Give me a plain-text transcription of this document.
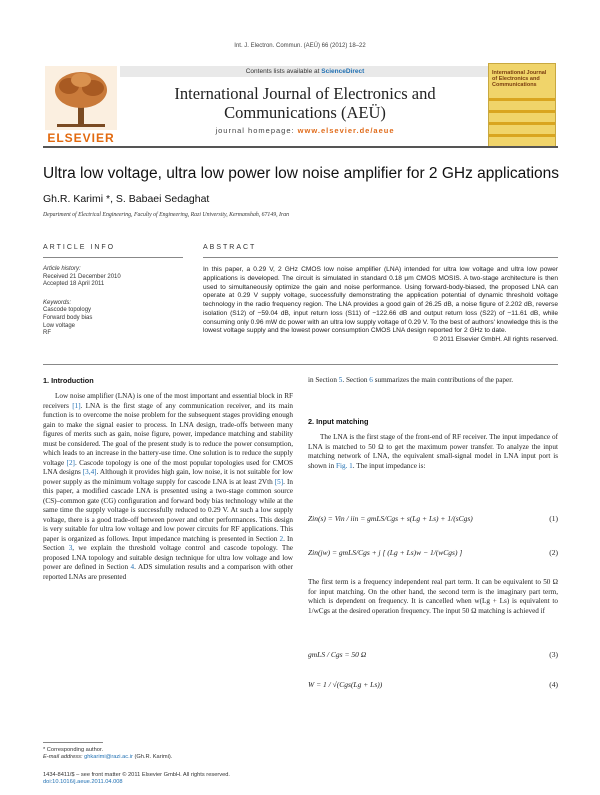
Int. J. Electron. Commun. (AEÜ) 66 (2012) 18–22
Contents lists available at ScienceDirect
ELSEVIER
International Journal of Electronics and Communications (AEÜ)
journal homepage: www.elsevier.de/aeue
International Journal of Electronics and Communications
Ultra low voltage, ultra low power low noise amplifier for 2 GHz applications
Gh.R. Karimi *, S. Babaei Sedaghat
Department of Electrical Engineering, Faculty of Engineering, Razi University, Kermanshah, 67149, Iran
ARTICLE INFO	ABSTRACT
Article history:
Received 21 December 2010
Accepted 18 April 2011
Keywords:
Cascode topology
Forward body bias
Low voltage
RF

In this paper, a 0.29 V, 2 GHz CMOS low noise amplifier (LNA) intended for ultra low voltage and ultra low power applications is developed. The circuit is simulated in standard 0.18 μm CMOS MOSIS. A two-stage architecture is then used to simultaneously optimize the gain and noise performance. Using forward-body-biased, the proposed LNA can operate at 0.29 V supply voltage, successfully demonstrating the application potential of dynamic threshold voltage technology in the radio frequency region. The LNA provides a good gain of 26.25 dB, a noise figure of 2.202 dB, reverse isolation (S12) of −59.04 dB, input return loss (S11) of −122.66 dB and output return loss (S22) of −11.61 dB, while consuming only 0.96 mW dc power with an ultra low supply voltage of 0.29 V. To the best of authors' knowledge this is the lowest voltage supply and the lowest power consumption CMOS LNA design reported for 2 GHz to date.

© 2011 Elsevier GmbH. All rights reserved.
1. Introduction

Low noise amplifier (LNA) is one of the most important and essential block in RF receivers [1]. LNA is the first stage of any communication receiver, and its main function is to overcome the noise problem for the subsequent stages providing enough gain to make the signal easier to process. In LNA design, trade-offs between many figures of merits such as gain, noise figure, power, impedance matching and stability must be considered. The goal of the present study is to reduce the power consumption, which leads to an increase in the battery-use time. One solution is to reduce the supply voltage [2]. Cascode topology is one of the most popular topologies used for CMOS LNA designs [3,4]. Although it provides high gain, low noise, it is not suitable for low power supply as the minimum voltage supply for cascode LNA is at least 2Vth [5]. In this paper, a modified cascade LNA is presented using a two-stage common source (CS)–common gate (CG) configuration and forward body bias technology while at the same time the supply voltage is successfully reduced to 0.29 V. At such a low supply voltage, there is a good trade-off between power and other performances. This design is very suitable for ultra low voltage and low power circuits for RF applications. This paper is organized as follows. Input impedance matching is presented in Section 2. In Section 3, we explain the threshold voltage control and cascode topology. The proposed LNA topology and suitable design technique for ultra low voltage and low power are defined in Section 4. ADS simulation results and a comparison with other reported LNAs are presented

* Corresponding author.
E-mail address: ghkarimi@razi.ac.ir (Gh.R. Karimi).
1434-8411/$ – see front matter © 2011 Elsevier GmbH. All rights reserved.
doi:10.1016/j.aeue.2011.04.008
in Section 5. Section 6 summarizes the main contributions of the paper.
2. Input matching

The LNA is the first stage of the front-end of RF receiver. The input impedance of LNA is matched to 50 Ω to get the maximum power transfer. To analyze the input matching network of LNA, the equivalent small-signal model in LNA input port is shown in Fig. 1. The input impedance is:

Zin(s) = Vin / iin = gmLS/Cgs + s(Lg + Ls) + 1/(sCgs)	(1)
Zin(jw) = gmLS/Cgs + j [ (Lg + Ls)w − 1/(wCgs) ]	(2)
The first term is a frequency independent real part term. It can be equivalent to 50 Ω for input matching. On the other hand, the second term is the imaginary part term, which is dependent on frequency. It is cancelled when w(Lg + Ls) is equivalent to 1/wCgs at the desired operation frequency. The input 50 Ω matching is achieved if
gmLS / Cgs = 50 Ω	(3)
W = 1 / √(Cgs(Lg + Ls))	(4)
